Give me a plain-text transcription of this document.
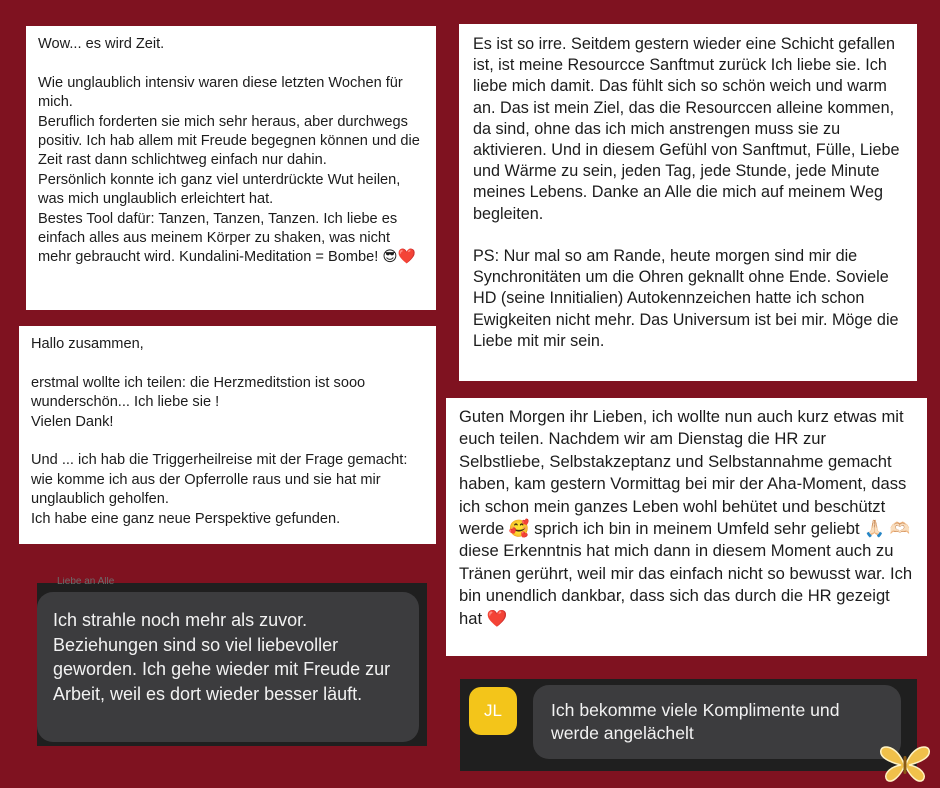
Wow... es wird Zeit.

Wie unglaublich intensiv waren diese letzten Wochen für mich.
Beruflich forderten sie mich sehr heraus, aber durchwegs positiv. Ich hab allem mit Freude begegnen können und die Zeit rast dann schlichtweg einfach nur dahin.
Persönlich konnte ich ganz viel unterdrückte Wut heilen, was mich unglaublich erleichtert hat.
Bestes Tool dafür: Tanzen, Tanzen, Tanzen. Ich liebe es einfach alles aus meinem Körper zu shaken, was nicht mehr gebraucht wird. Kundalini-Meditation = Bombe! 😎❤️
Es ist so irre. Seitdem gestern wieder eine Schicht gefallen ist, ist meine Resourcce Sanftmut zurück Ich liebe sie. Ich liebe mich damit. Das fühlt sich so schön weich und warm an. Das ist mein Ziel, das die Resourccen alleine kommen, da sind, ohne das ich mich anstrengen muss sie zu aktivieren. Und in diesem Gefühl von Sanftmut, Fülle, Liebe und Wärme zu sein, jeden Tag, jede Stunde, jede Minute meines Lebens. Danke an Alle die mich auf meinem Weg begleiten.

PS: Nur mal so am Rande, heute morgen sind mir die Synchronitäten um die Ohren geknallt ohne Ende. Soviele HD (seine Innitialien) Autokennzeichen hatte ich schon Ewigkeiten nicht mehr. Das Universum ist bei mir. Möge die Liebe mit mir sein.
Hallo zusammen,

erstmal wollte ich teilen: die Herzmeditstion ist sooo wunderschön... Ich liebe sie !
Vielen Dank!

Und ... ich hab die Triggerheilreise mit der Frage gemacht: wie komme ich aus der Opferrolle raus und sie hat mir unglaublich geholfen.
Ich habe eine ganz neue Perspektive gefunden.
Guten Morgen ihr Lieben, ich wollte nun auch kurz etwas mit euch teilen. Nachdem wir am Dienstag die HR zur Selbstliebe, Selbstakzeptanz und Selbstannahme gemacht haben, kam gestern Vormittag bei mir der Aha-Moment, dass ich schon mein ganzes Leben wohl behütet und beschützt werde 🥰 sprich ich bin in meinem Umfeld sehr geliebt 🙏🏻 🫶🏻 diese Erkenntnis hat mich dann in diesem Moment auch zu Tränen gerührt, weil mir das einfach nicht so bewusst war. Ich bin unendlich dankbar, dass sich das durch die HR gezeigt hat ❤️
Liebe an Alle
Ich strahle noch mehr als zuvor.
Beziehungen sind so viel liebevoller geworden. Ich gehe wieder mit Freude zur Arbeit, weil es dort wieder besser läuft.
JL	Ich bekomme viele Komplimente und
werde angelächelt
